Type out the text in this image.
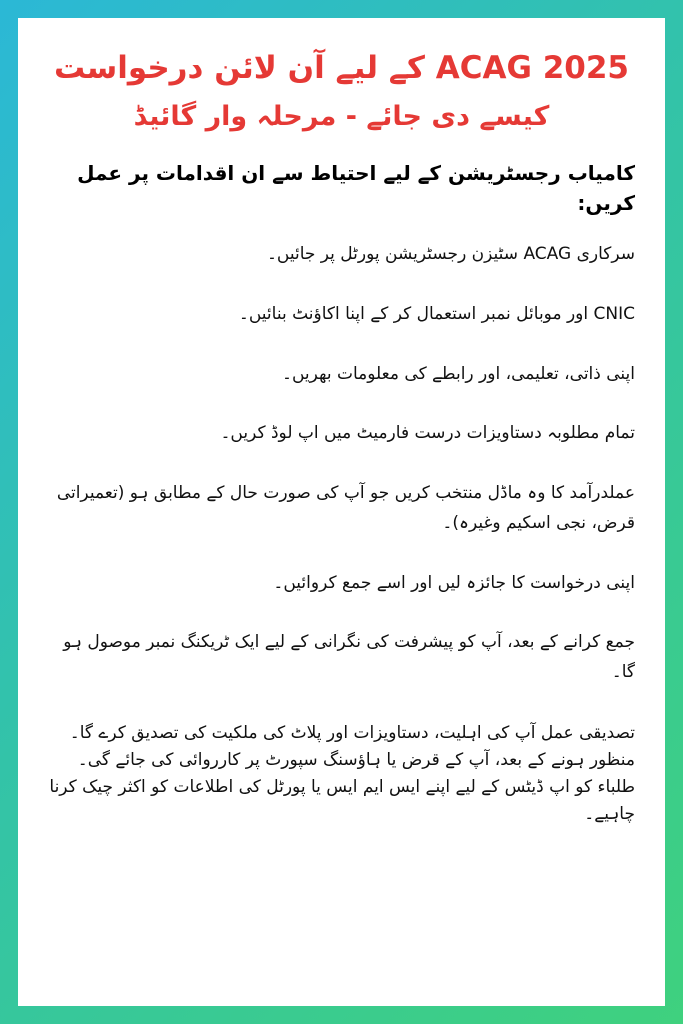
ACAG 2025 کے لیے آن لائن درخواست
کیسے دی جائے - مرحلہ وار گائیڈ

کامیاب رجسٹریشن کے لیے احتیاط سے ان اقدامات پر عمل کریں:

سرکاری ACAG سٹیزن رجسٹریشن پورٹل پر جائیں۔
CNIC اور موبائل نمبر استعمال کر کے اپنا اکاؤنٹ بنائیں۔
اپنی ذاتی، تعلیمی، اور رابطے کی معلومات بھریں۔
تمام مطلوبہ دستاویزات درست فارمیٹ میں اپ لوڈ کریں۔
عملدرآمد کا وہ ماڈل منتخب کریں جو آپ کی صورت حال کے مطابق ہو (تعمیراتی قرض، نجی اسکیم وغیرہ)۔
اپنی درخواست کا جائزہ لیں اور اسے جمع کروائیں۔
جمع کرانے کے بعد، آپ کو پیشرفت کی نگرانی کے لیے ایک ٹریکنگ نمبر موصول ہو گا۔
تصدیقی عمل آپ کی اہلیت، دستاویزات اور پلاٹ کی ملکیت کی تصدیق کرے گا۔
منظور ہونے کے بعد، آپ کے قرض یا ہاؤسنگ سپورٹ پر کارروائی کی جائے گی۔
طلباء کو اپ ڈیٹس کے لیے اپنے ایس ایم ایس یا پورٹل کی اطلاعات کو اکثر چیک کرنا چاہیے۔
